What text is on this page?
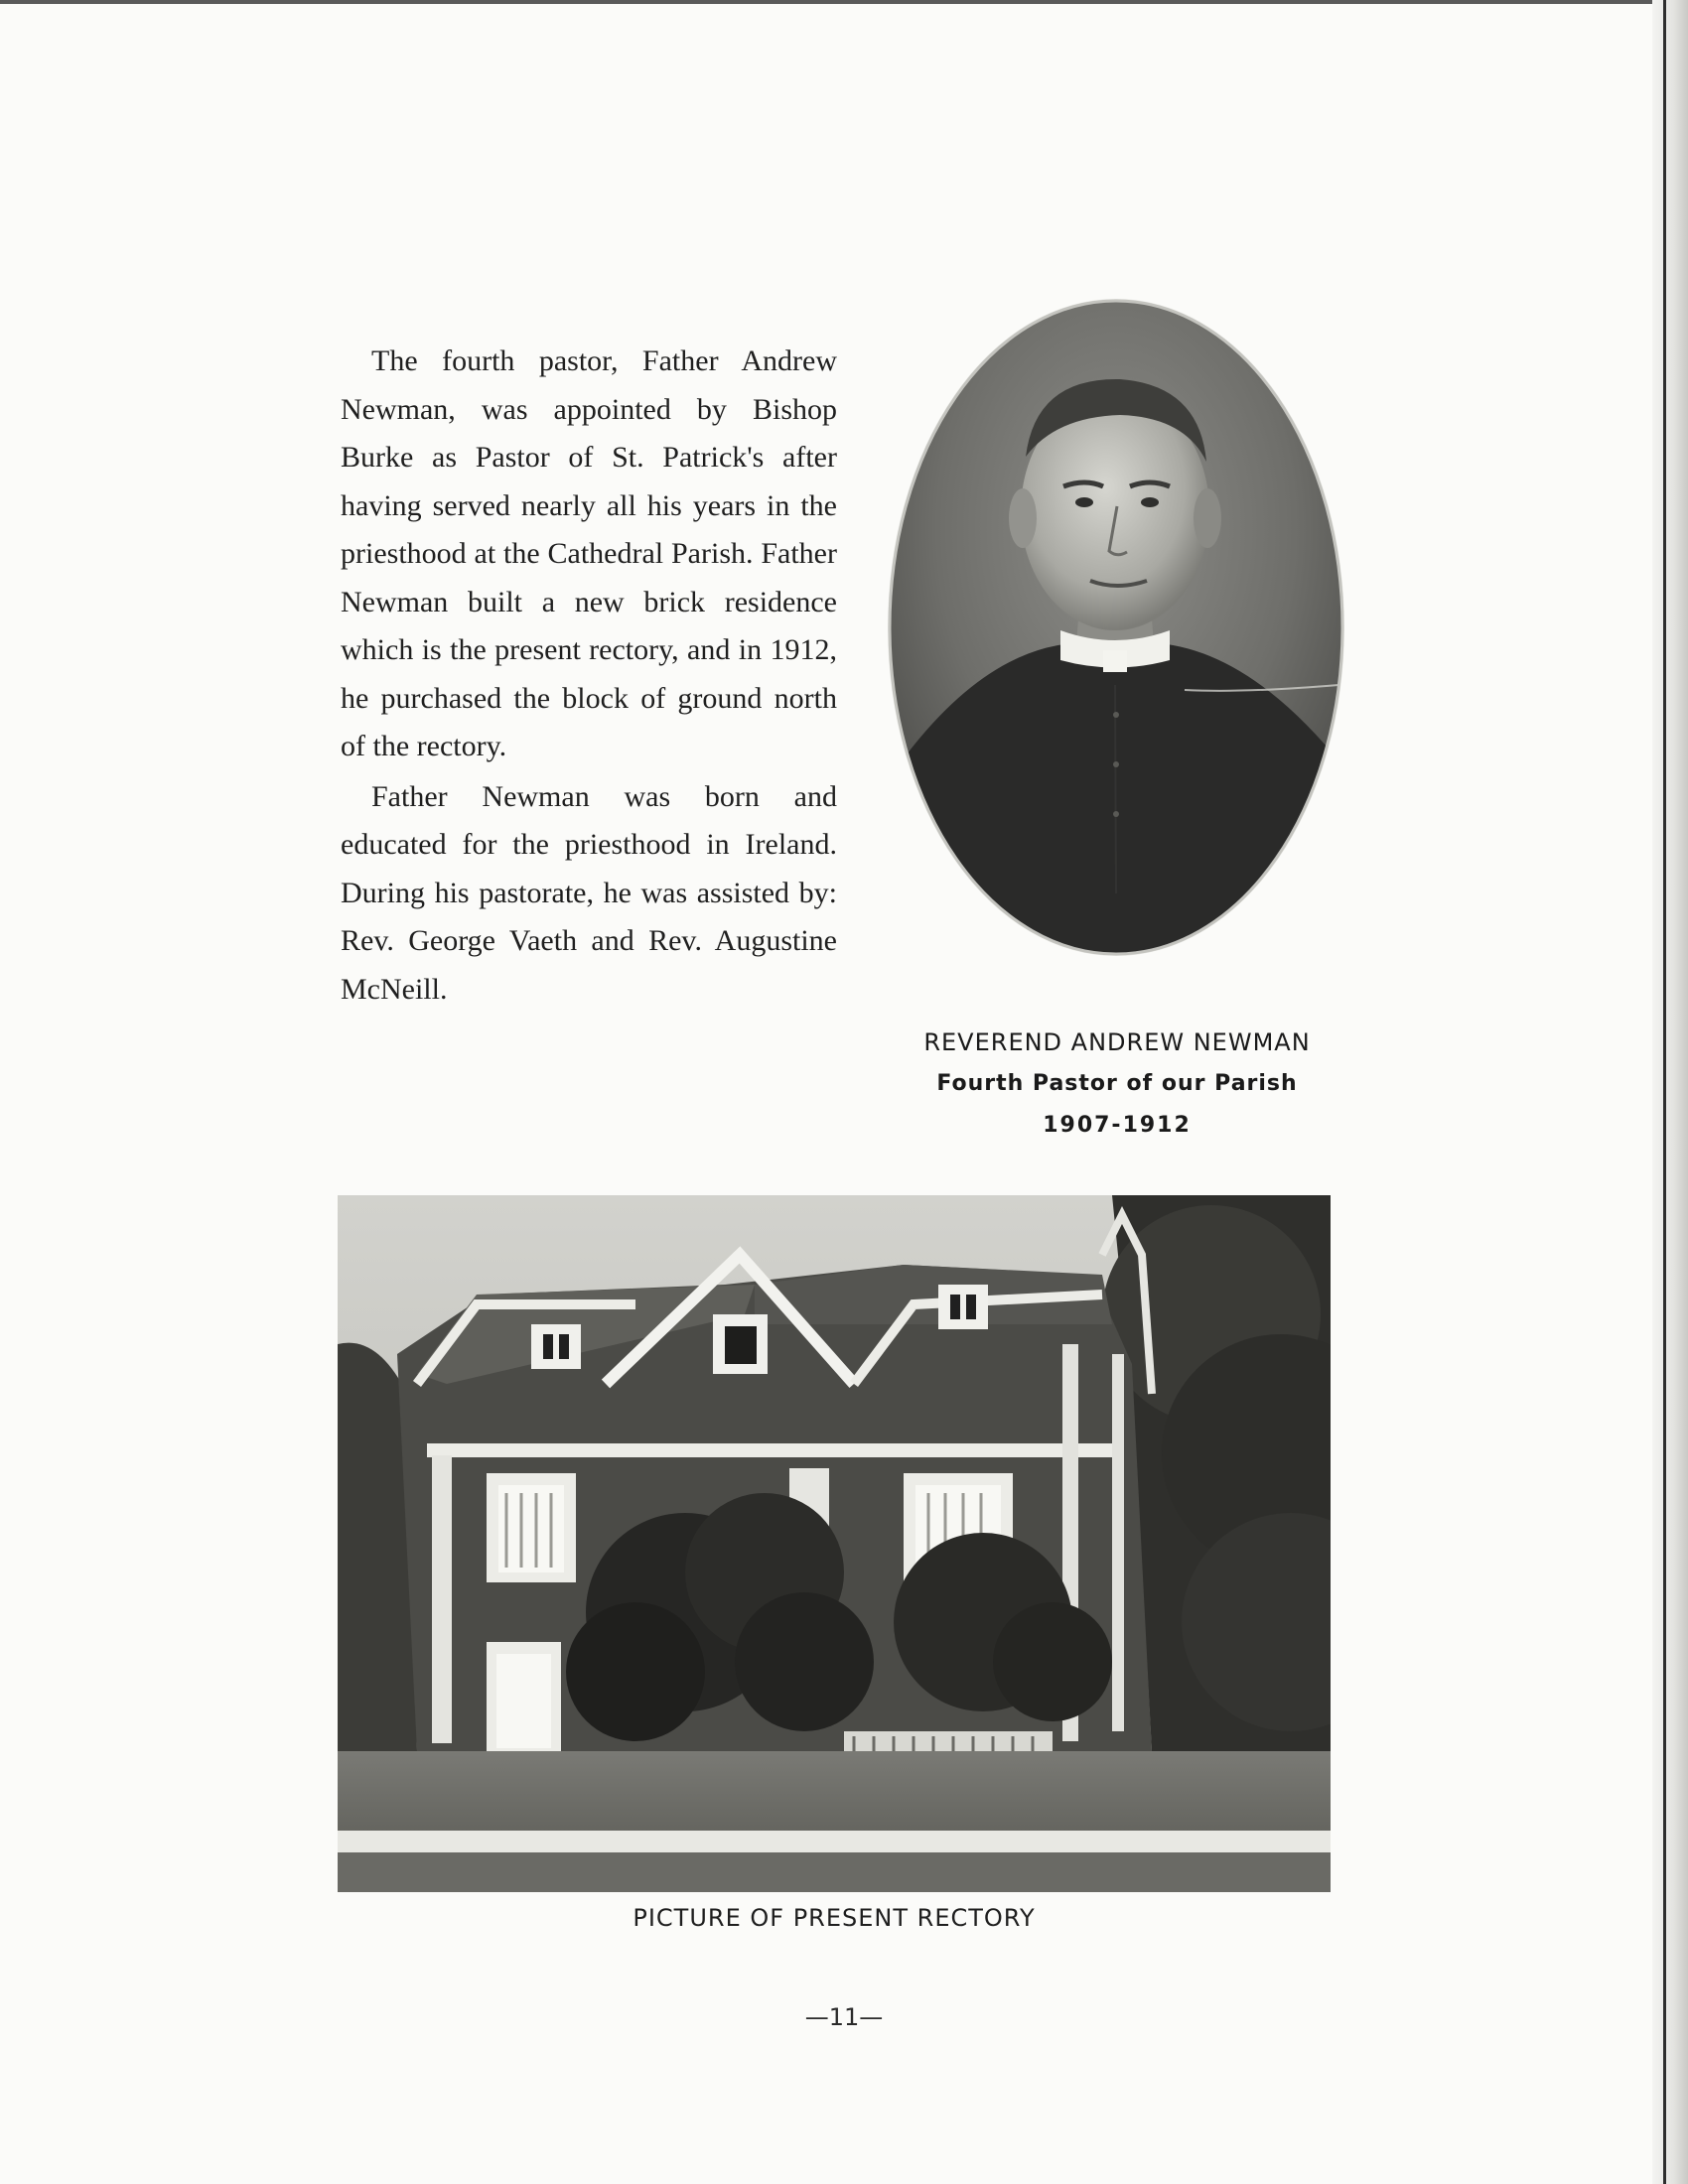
The fourth pastor, Father Andrew Newman, was appointed by Bishop Burke as Pastor of St. Patrick's after having served nearly all his years in the priesthood at the Cathedral Parish. Father Newman built a new brick residence which is the present rectory, and in 1912, he purchased the block of ground north of the rectory.

Father Newman was born and educated for the priesthood in Ireland. During his pastorate, he was assisted by: Rev. George Vaeth and Rev. Augustine McNeill.

REVEREND ANDREW NEWMAN
Fourth Pastor of our Parish
1907-1912
PICTURE OF PRESENT RECTORY
—11—
